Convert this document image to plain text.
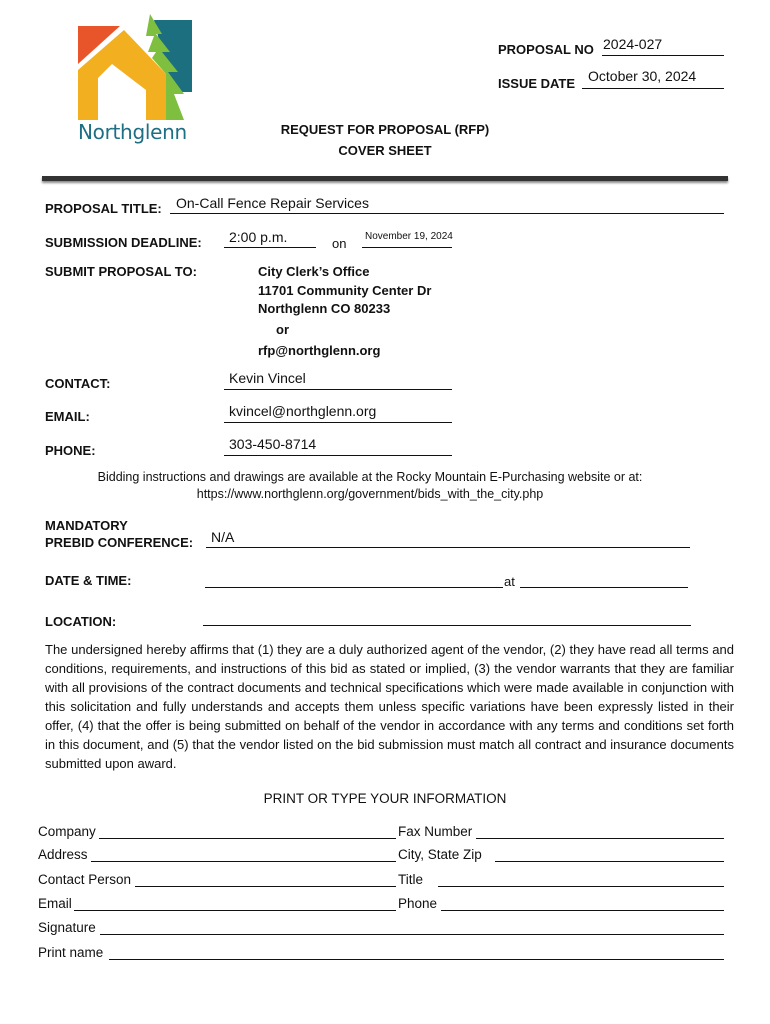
Northglenn
PROPOSAL NO 2024-027
ISSUE DATE October 30, 2024
REQUEST FOR PROPOSAL (RFP)
COVER SHEET
PROPOSAL TITLE: On-Call Fence Repair Services
SUBMISSION DEADLINE: 2:00 p.m.	on November 19, 2024
SUBMIT PROPOSAL TO:	City Clerk’s Office
11701 Community Center Dr
Northglenn CO 80233
or
rfp@northglenn.org
CONTACT:	Kevin Vincel
EMAIL:	kvincel@northglenn.org
PHONE:	303-450-8714
Bidding instructions and drawings are available at the Rocky Mountain E-Purchasing website or at:
https://www.northglenn.org/government/bids_with_the_city.php
MANDATORY
PREBID CONFERENCE: N/A
DATE & TIME:	at
LOCATION:
The undersigned hereby affirms that (1) they are a duly authorized agent of the vendor, (2) they have read all terms and conditions, requirements, and instructions of this bid as stated or implied, (3) the vendor warrants that they are familiar with all provisions of the contract documents and technical specifications which were made available in conjunction with this solicitation and fully understands and accepts them unless specific variations have been expressly listed in their offer, (4) that the offer is being submitted on behalf of the vendor in accordance with any terms and conditions set forth in this document, and (5) that the vendor listed on the bid submission must match all contract and insurance documents submitted upon award.
PRINT OR TYPE YOUR INFORMATION
Company	Fax Number
Address	City, State Zip
Contact Person	Title
Email	Phone
Signature
Print name
